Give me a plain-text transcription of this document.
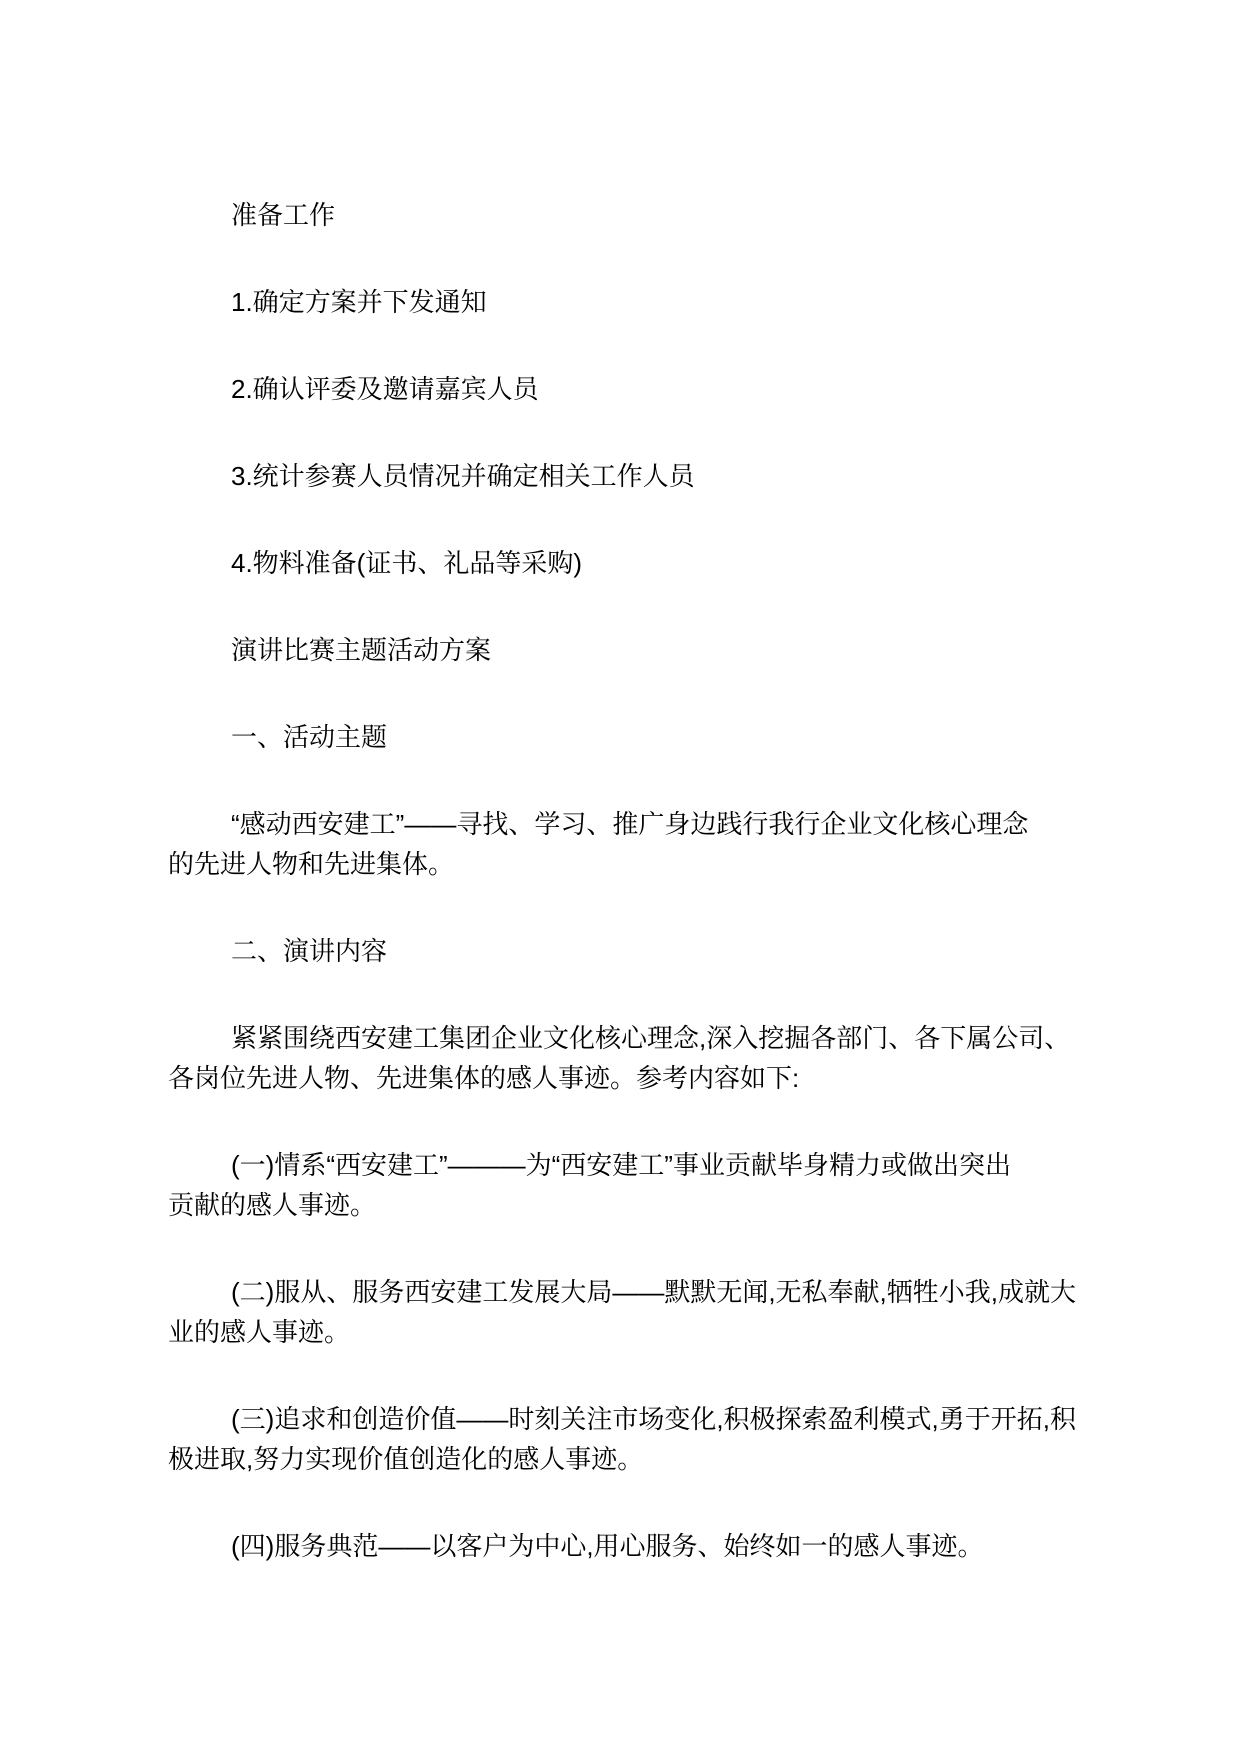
准备工作
1.确定方案并下发通知
2.确认评委及邀请嘉宾人员
3.统计参赛人员情况并确定相关工作人员
4.物料准备(证书、礼品等采购)
演讲比赛主题活动方案
一、活动主题
“感动西安建工”——寻找、学习、推广身边践行我行企业文化核心理念
的先进人物和先进集体。
二、演讲内容
紧紧围绕西安建工集团企业文化核心理念,深入挖掘各部门、各下属公司、
各岗位先进人物、先进集体的感人事迹。参考内容如下:
(一)情系“西安建工”———为“西安建工”事业贡献毕身精力或做出突出
贡献的感人事迹。
(二)服从、服务西安建工发展大局——默默无闻,无私奉献,牺牲小我,成就大
业的感人事迹。
(三)追求和创造价值——时刻关注市场变化,积极探索盈利模式,勇于开拓,积
极进取,努力实现价值创造化的感人事迹。
(四)服务典范——以客户为中心,用心服务、始终如一的感人事迹。
